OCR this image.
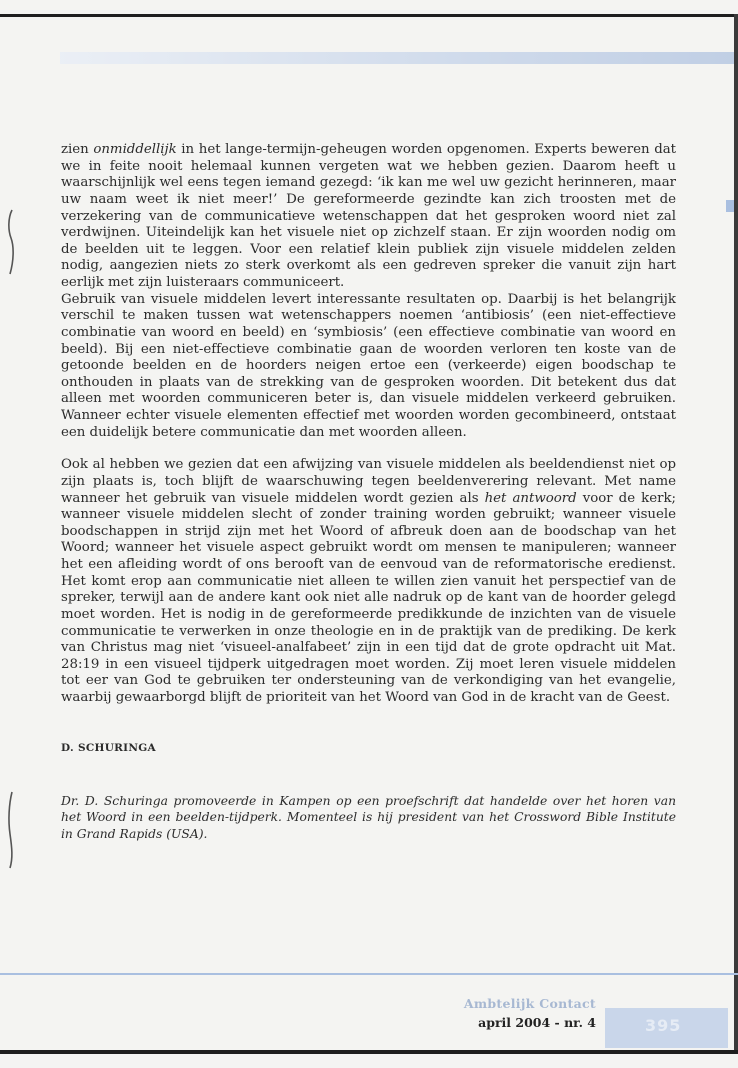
zien onmiddellijk in het lange-termijn-geheugen worden opgenomen. Experts beweren dat we in feite nooit helemaal kunnen vergeten wat we hebben gezien. Daarom heeft u waarschijnlijk wel eens tegen iemand gezegd: ‘ik kan me wel uw gezicht herinneren, maar uw naam weet ik niet meer!’ De gereformeerde gezindte kan zich troosten met de verzekering van de communicatieve wetenschappen dat het gesproken woord niet zal verdwijnen. Uiteindelijk kan het visuele niet op zichzelf staan. Er zijn woorden nodig om de beelden uit te leggen. Voor een relatief klein publiek zijn visuele middelen zelden nodig, aangezien niets zo sterk overkomt als een gedreven spreker die vanuit zijn hart eerlijk met zijn luisteraars communiceert.

Gebruik van visuele middelen levert interessante resultaten op. Daarbij is het belangrijk verschil te maken tussen wat wetenschappers noemen ‘antibiosis’ (een niet-effectieve combinatie van woord en beeld) en ‘symbiosis’ (een effectieve combinatie van woord en beeld). Bij een niet-effectieve combinatie gaan de woorden verloren ten koste van de getoonde beelden en de hoorders neigen ertoe een (verkeerde) eigen boodschap te onthouden in plaats van de strekking van de gesproken woorden. Dit betekent dus dat alleen met woorden communiceren beter is, dan visuele middelen verkeerd gebruiken. Wanneer echter visuele elementen effectief met woorden worden gecombineerd, ontstaat een duidelijk betere communicatie dan met woorden alleen.

Ook al hebben we gezien dat een afwijzing van visuele middelen als beeldendienst niet op zijn plaats is, toch blijft de waarschuwing tegen beeldenverering relevant. Met name wanneer het gebruik van visuele middelen wordt gezien als het antwoord voor de kerk; wanneer visuele middelen slecht of zonder training worden gebruikt; wanneer visuele boodschappen in strijd zijn met het Woord of afbreuk doen aan de boodschap van het Woord; wanneer het visuele aspect gebruikt wordt om mensen te manipuleren; wanneer het een afleiding wordt of ons berooft van de eenvoud van de reformatorische eredienst. Het komt erop aan communicatie niet alleen te willen zien vanuit het perspectief van de spreker, terwijl aan de andere kant ook niet alle nadruk op de kant van de hoorder gelegd moet worden. Het is nodig in de gereformeerde predikkunde de inzichten van de visuele communicatie te verwerken in onze theologie en in de praktijk van de prediking. De kerk van Christus mag niet ‘visueel-analfabeet’ zijn in een tijd dat de grote opdracht uit Mat. 28:19 in een visueel tijdperk uitgedragen moet worden. Zij moet leren visuele middelen tot eer van God te gebruiken ter ondersteuning van de verkondiging van het evangelie, waarbij gewaarborgd blijft de prioriteit van het Woord van God in de kracht van de Geest.

D. SCHURINGA
Dr. D. Schuringa promoveerde in Kampen op een proefschrift dat handelde over het horen van het Woord in een beelden-tijdperk. Momenteel is hij president van het Crossword Bible Institute in Grand Rapids (USA).
Ambtelijk Contact
april 2004 - nr. 4	395
